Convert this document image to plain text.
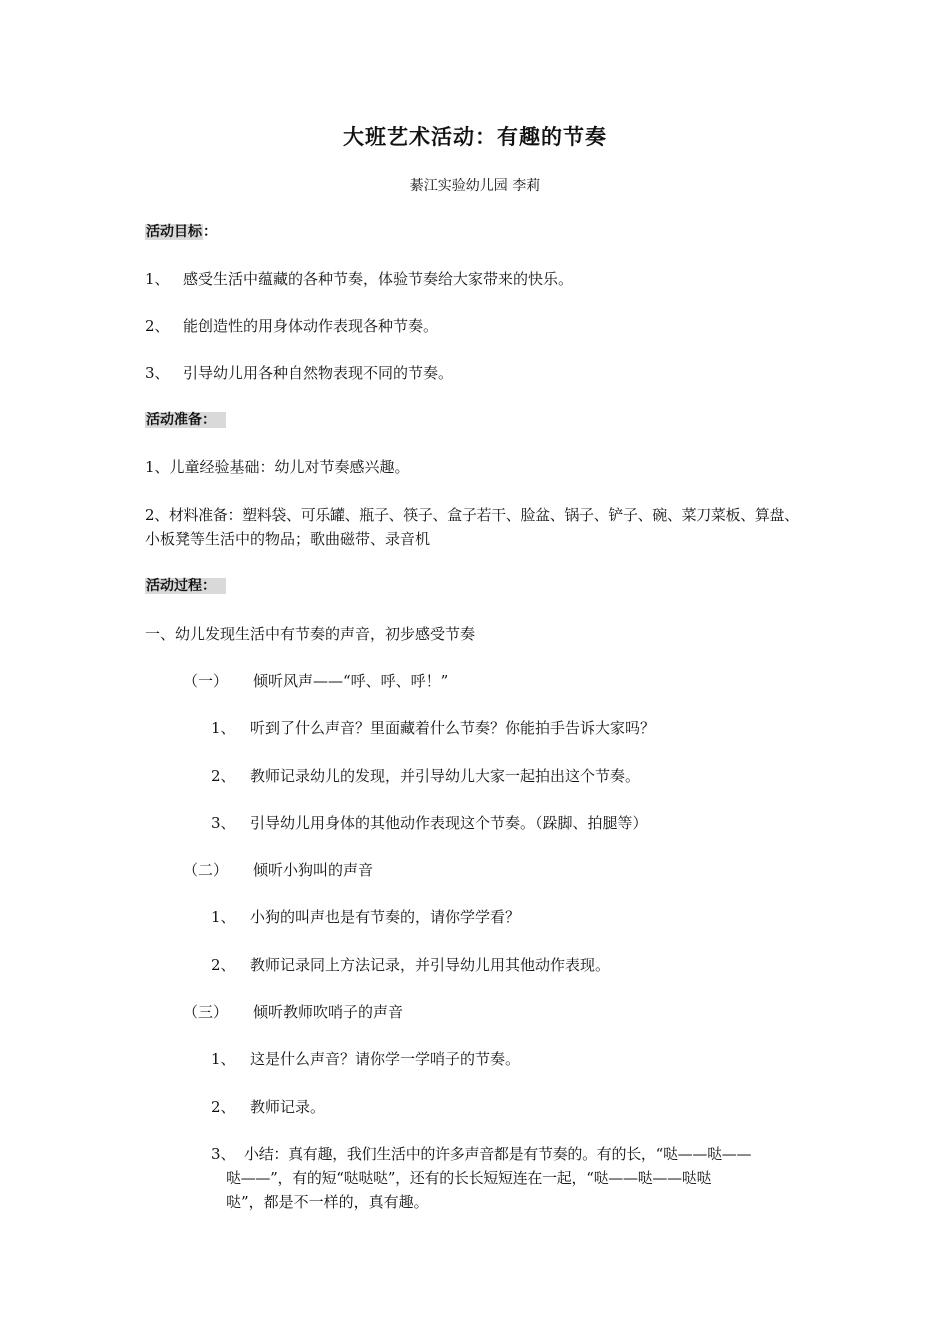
大班艺术活动：有趣的节奏
綦江实验幼儿园 李莉
活动目标：
1、 感受生活中蕴藏的各种节奏，体验节奏给大家带来的快乐。
2、 能创造性的用身体动作表现各种节奏。
3、 引导幼儿用各种自然物表现不同的节奏。
活动准备：
1、儿童经验基础：幼儿对节奏感兴趣。
2、材料准备：塑料袋、可乐罐、瓶子、筷子、盒子若干、脸盆、锅子、铲子、碗、菜刀菜板、算盘、
小板凳等生活中的物品；歌曲磁带、录音机
活动过程：
一、幼儿发现生活中有节奏的声音，初步感受节奏
（一） 倾听风声——“呼、呼、呼！”
1、 听到了什么声音？里面藏着什么节奏？你能拍手告诉大家吗？
2、 教师记录幼儿的发现，并引导幼儿大家一起拍出这个节奏。
3、 引导幼儿用身体的其他动作表现这个节奏。（跺脚、拍腿等）
（二） 倾听小狗叫的声音
1、 小狗的叫声也是有节奏的，请你学学看？
2、 教师记录同上方法记录，并引导幼儿用其他动作表现。
（三） 倾听教师吹哨子的声音
1、 这是什么声音？请你学一学哨子的节奏。
2、 教师记录。
3、 小结：真有趣，我们生活中的许多声音都是有节奏的。有的长，“哒——哒——
哒——”，有的短“哒哒哒”，还有的长长短短连在一起，“哒——哒——哒哒
哒”，都是不一样的，真有趣。
